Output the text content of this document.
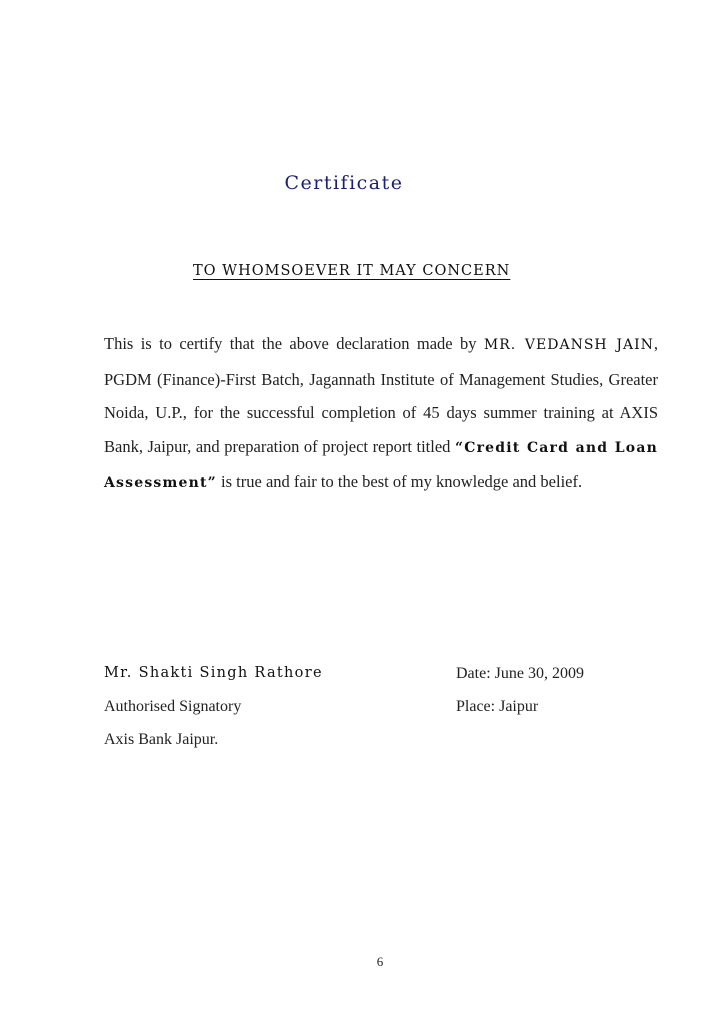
Certificate
TO WHOMSOEVER IT MAY CONCERN
This is to certify that the above declaration made by MR. VEDANSH JAIN, PGDM (Finance)-First Batch, Jagannath Institute of Management Studies, Greater Noida, U.P., for the successful completion of 45 days summer training at AXIS Bank, Jaipur, and preparation of project report titled “Credit Card and Loan Assessment” is true and fair to the best of my knowledge and belief.
Mr. Shakti Singh Rathore	Date: June 30, 2009
Authorised Signatory	Place: Jaipur
Axis Bank Jaipur.
6
